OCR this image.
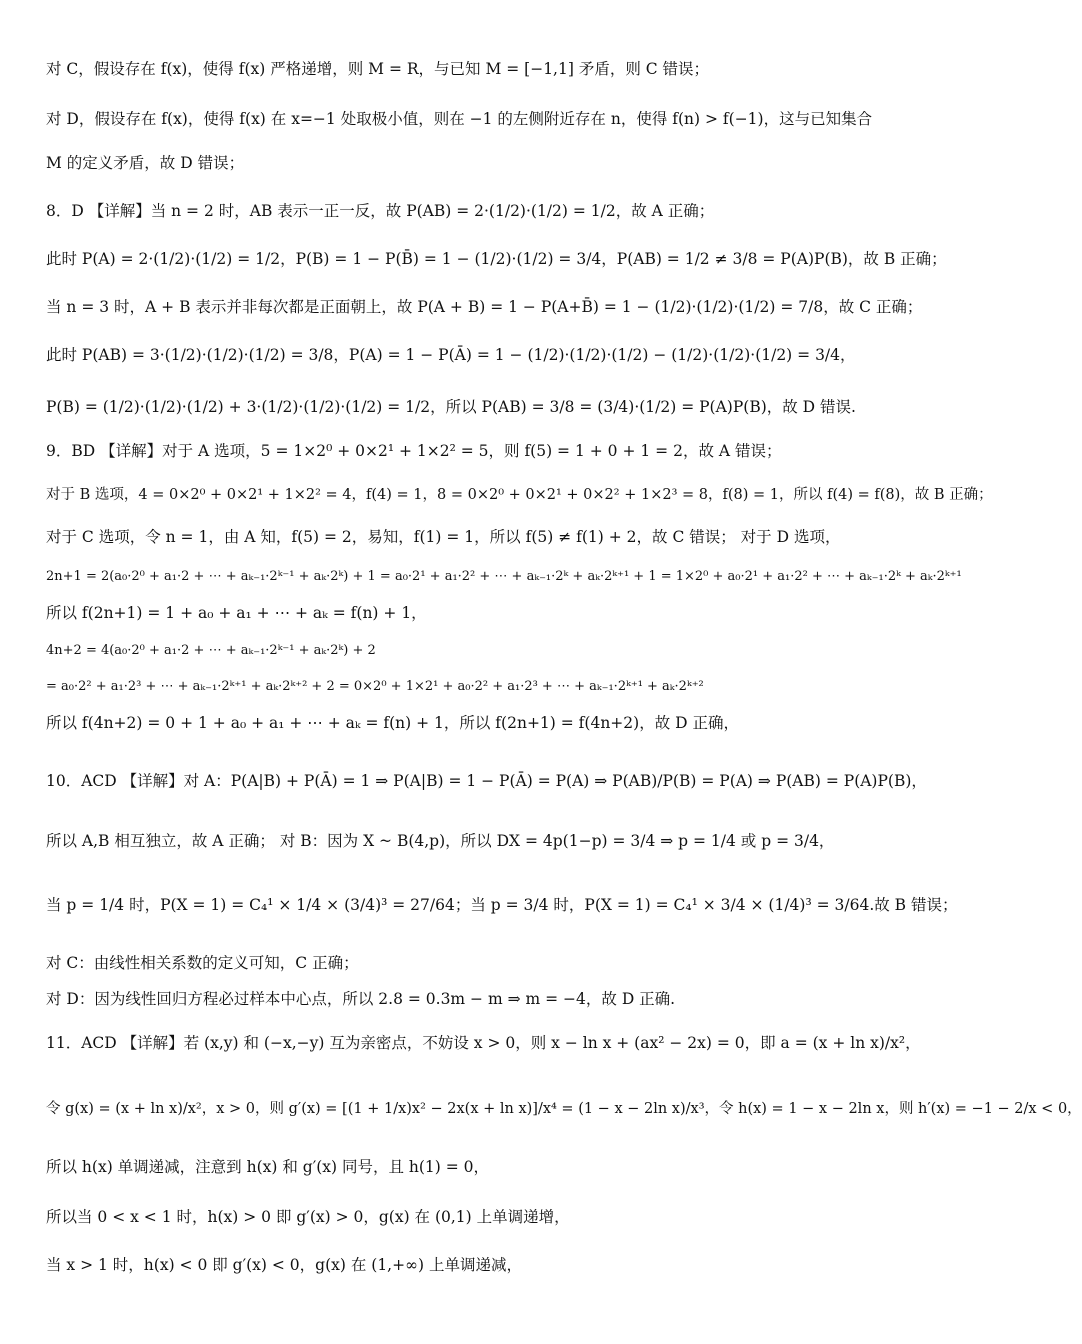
对 C，假设存在 f(x)，使得 f(x) 严格递增，则 M = R，与已知 M = [−1,1] 矛盾，则 C 错误；
对 D，假设存在 f(x)，使得 f(x) 在 x=−1 处取极小值，则在 −1 的左侧附近存在 n，使得 f(n) > f(−1)，这与已知集合
M 的定义矛盾，故 D 错误；
8．D 【详解】当 n = 2 时，AB 表示一正一反，故 P(AB) = 2·(1/2)·(1/2) = 1/2，故 A 正确；
此时 P(A) = 2·(1/2)·(1/2) = 1/2，P(B) = 1 − P(B̄) = 1 − (1/2)·(1/2) = 3/4，P(AB) = 1/2 ≠ 3/8 = P(A)P(B)，故 B 正确；
当 n = 3 时，A + B 表示并非每次都是正面朝上，故 P(A + B) = 1 − P(A+B̄) = 1 − (1/2)·(1/2)·(1/2) = 7/8，故 C 正确；
此时 P(AB) = 3·(1/2)·(1/2)·(1/2) = 3/8，P(A) = 1 − P(Ā) = 1 − (1/2)·(1/2)·(1/2) − (1/2)·(1/2)·(1/2) = 3/4，
P(B) = (1/2)·(1/2)·(1/2) + 3·(1/2)·(1/2)·(1/2) = 1/2，所以 P(AB) = 3/8 = (3/4)·(1/2) = P(A)P(B)，故 D 错误.
9．BD 【详解】对于 A 选项，5 = 1×2⁰ + 0×2¹ + 1×2² = 5，则 f(5) = 1 + 0 + 1 = 2，故 A 错误；
对于 B 选项，4 = 0×2⁰ + 0×2¹ + 1×2² = 4，f(4) = 1，8 = 0×2⁰ + 0×2¹ + 0×2² + 1×2³ = 8，f(8) = 1，所以 f(4) = f(8)，故 B 正确；
对于 C 选项，令 n = 1，由 A 知，f(5) = 2，易知，f(1) = 1，所以 f(5) ≠ f(1) + 2，故 C 错误； 对于 D 选项，
2n+1 = 2(a₀·2⁰ + a₁·2 + ⋯ + aₖ₋₁·2ᵏ⁻¹ + aₖ·2ᵏ) + 1 = a₀·2¹ + a₁·2² + ⋯ + aₖ₋₁·2ᵏ + aₖ·2ᵏ⁺¹ + 1 = 1×2⁰ + a₀·2¹ + a₁·2² + ⋯ + aₖ₋₁·2ᵏ + aₖ·2ᵏ⁺¹
所以 f(2n+1) = 1 + a₀ + a₁ + ⋯ + aₖ = f(n) + 1，
4n+2 = 4(a₀·2⁰ + a₁·2 + ⋯ + aₖ₋₁·2ᵏ⁻¹ + aₖ·2ᵏ) + 2
= a₀·2² + a₁·2³ + ⋯ + aₖ₋₁·2ᵏ⁺¹ + aₖ·2ᵏ⁺² + 2 = 0×2⁰ + 1×2¹ + a₀·2² + a₁·2³ + ⋯ + aₖ₋₁·2ᵏ⁺¹ + aₖ·2ᵏ⁺²
所以 f(4n+2) = 0 + 1 + a₀ + a₁ + ⋯ + aₖ = f(n) + 1，所以 f(2n+1) = f(4n+2)，故 D 正确，
10．ACD 【详解】对 A：P(A|B) + P(Ā) = 1 ⇒ P(A|B) = 1 − P(Ā) = P(A) ⇒ P(AB)/P(B) = P(A) ⇒ P(AB) = P(A)P(B)，
所以 A,B 相互独立，故 A 正确； 对 B：因为 X ~ B(4,p)，所以 DX = 4p(1−p) = 3/4 ⇒ p = 1/4 或 p = 3/4，
当 p = 1/4 时，P(X = 1) = C₄¹ × 1/4 × (3/4)³ = 27/64；当 p = 3/4 时，P(X = 1) = C₄¹ × 3/4 × (1/4)³ = 3/64.故 B 错误；
对 C：由线性相关系数的定义可知，C 正确；
对 D：因为线性回归方程必过样本中心点，所以 2.8 = 0.3m − m ⇒ m = −4，故 D 正确.
11．ACD 【详解】若 (x,y) 和 (−x,−y) 互为亲密点，不妨设 x > 0，则 x − ln x + (ax² − 2x) = 0，即 a = (x + ln x)/x²，
令 g(x) = (x + ln x)/x²，x > 0，则 g′(x) = [(1 + 1/x)x² − 2x(x + ln x)]/x⁴ = (1 − x − 2ln x)/x³，令 h(x) = 1 − x − 2ln x，则 h′(x) = −1 − 2/x < 0，
所以 h(x) 单调递减，注意到 h(x) 和 g′(x) 同号，且 h(1) = 0，
所以当 0 < x < 1 时，h(x) > 0 即 g′(x) > 0，g(x) 在 (0,1) 上单调递增，
当 x > 1 时，h(x) < 0 即 g′(x) < 0，g(x) 在 (1,+∞) 上单调递减，
